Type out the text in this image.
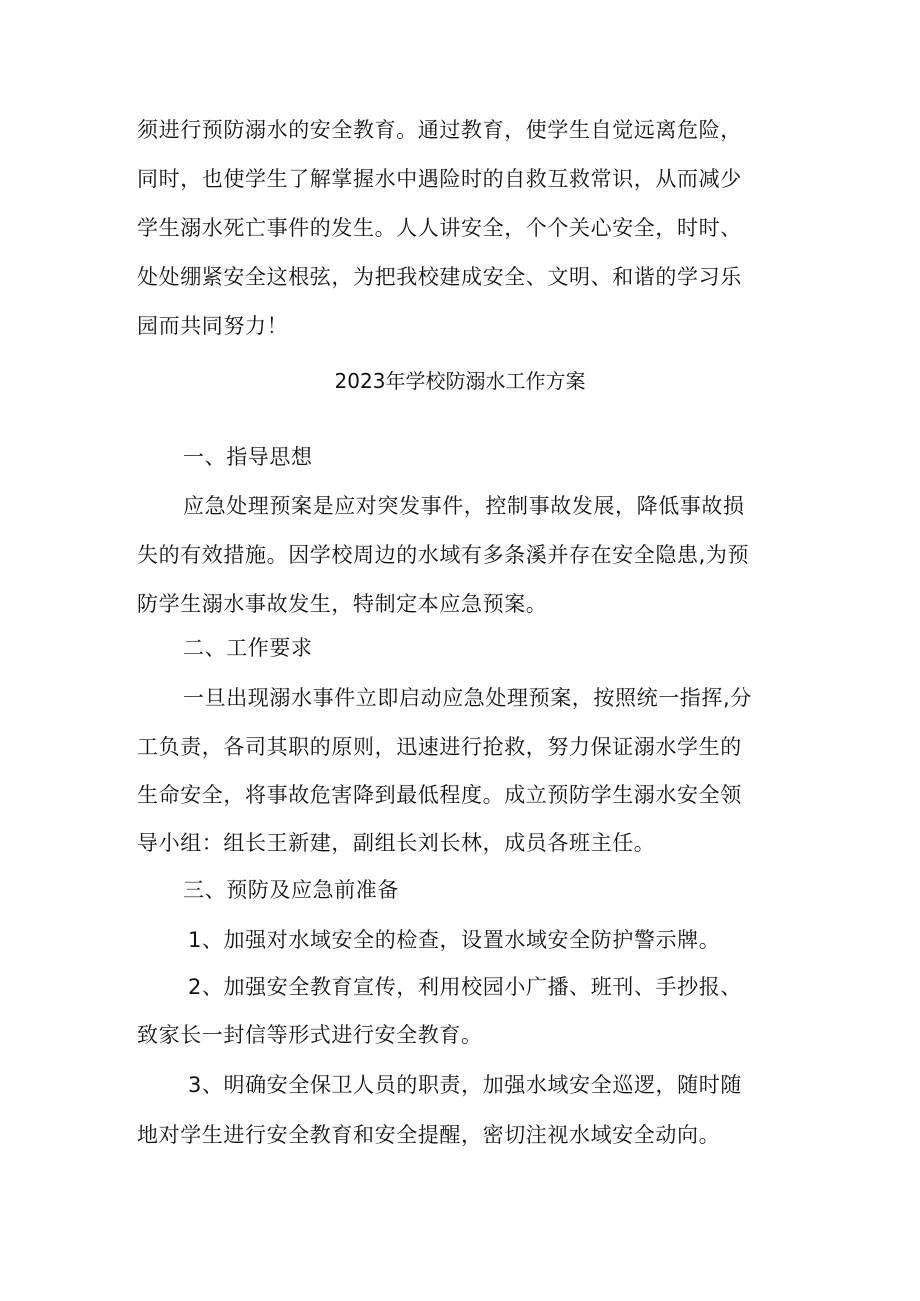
须进行预防溺水的安全教育。通过教育，使学生自觉远离危险，
同时，也使学生了解掌握水中遇险时的自救互救常识，从而减少
学生溺水死亡事件的发生。人人讲安全，个个关心安全，时时、
处处绷紧安全这根弦，为把我校建成安全、文明、和谐的学习乐
园而共同努力！
2023年学校防溺水工作方案
一、指导思想
应急处理预案是应对突发事件，控制事故发展，降低事故损
失的有效措施。因学校周边的水域有多条溪并存在安全隐患,为预
防学生溺水事故发生，特制定本应急预案。
二、工作要求
一旦出现溺水事件立即启动应急处理预案，按照统一指挥,分
工负责，各司其职的原则，迅速进行抢救，努力保证溺水学生的
生命安全，将事故危害降到最低程度。成立预防学生溺水安全领
导小组：组长王新建，副组长刘长林，成员各班主任。
三、预防及应急前准备
1、加强对水域安全的检查，设置水域安全防护警示牌。
2、加强安全教育宣传，利用校园小广播、班刊、手抄报、
致家长一封信等形式进行安全教育。
3、明确安全保卫人员的职责，加强水域安全巡逻，随时随
地对学生进行安全教育和安全提醒，密切注视水域安全动向。
